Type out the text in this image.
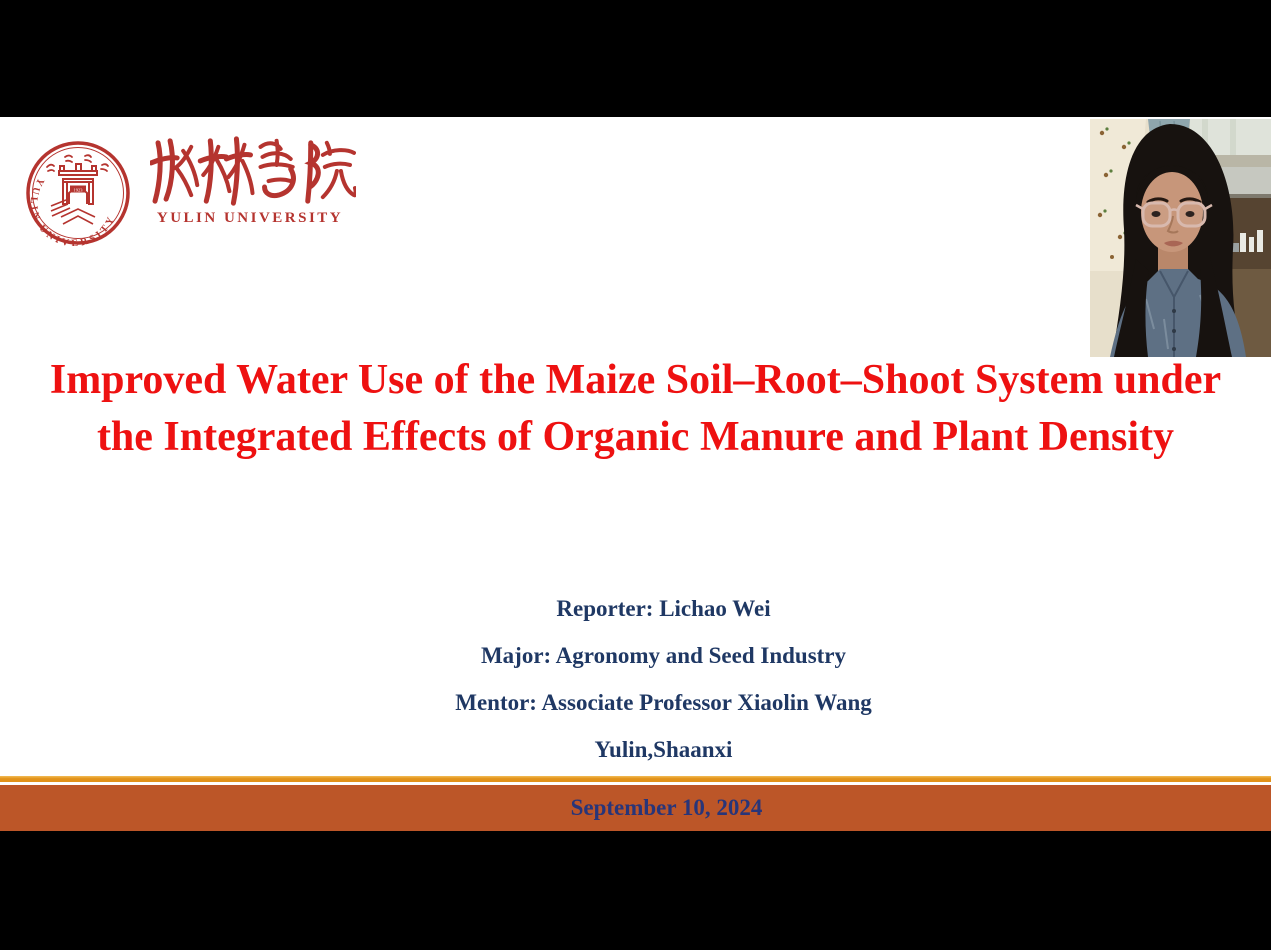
1923
YULIN UNIVERSITY	YULIN UNIVERSITY
Improved Water Use of the Maize Soil–Root–Shoot System under
the Integrated Effects of Organic Manure and Plant Density
Reporter: Lichao Wei
Major: Agronomy and Seed Industry
Mentor: Associate Professor Xiaolin Wang
Yulin,Shaanxi
September 10, 2024
